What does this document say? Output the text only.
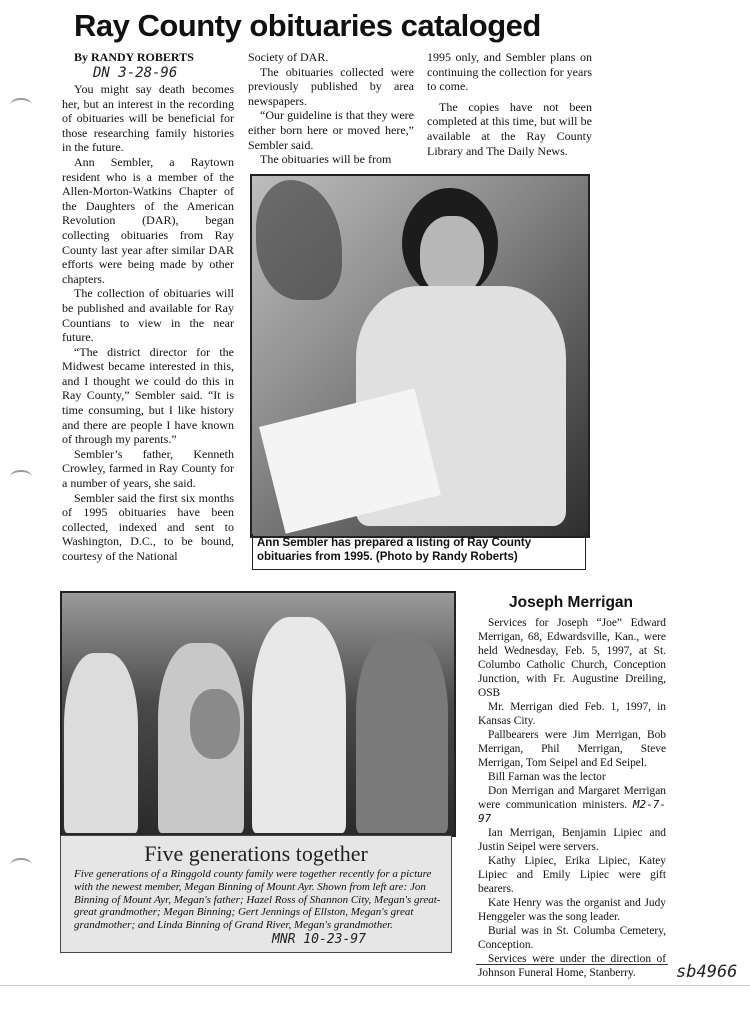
Ray County obituaries cataloged
By RANDY ROBERTS
DN 3-28-96

You might say death becomes her, but an interest in the recording of obituaries will be beneficial for those researching family histories in the future.

Ann Sembler, a Raytown resident who is a member of the Allen-Morton-Watkins Chapter of the Daughters of the American Revolution (DAR), began collecting obituaries from Ray County last year after similar DAR efforts were being made by other chapters.

The collection of obituaries will be published and available for Ray Countians to view in the near future.

“The district director for the Midwest became interested in this, and I thought we could do this in Ray County,” Sembler said. “It is time consuming, but I like history and there are people I have known of through my parents.”

Sembler’s father, Kenneth Crowley, farmed in Ray County for a number of years, she said.

Sembler said the first six months of 1995 obituaries have been collected, indexed and sent to Washington, D.C., to be bound, courtesy of the National

Society of DAR.

The obituaries collected were previously published by area newspapers.

“Our guideline is that they were either born here or moved here,” Sembler said.

The obituaries will be from

1995 only, and Sembler plans on continuing the collection for years to come.

The copies have not been completed at this time, but will be available at the Ray County Library and The Daily News.

Ann Sembler has prepared a listing of Ray County obituaries from 1995. (Photo by Randy Roberts)
Five generations together
Five generations of a Ringgold county family were together recently for a picture with the newest member, Megan Binning of Mount Ayr. Shown from left are: Jon Binning of Mount Ayr, Megan's father; Hazel Ross of Shannon City, Megan's great-great grandmother; Megan Binning; Gert Jennings of Ellston, Megan's great grandmother; and Linda Binning of Grand River, Megan's grandmother.
MNR 10-23-97
Joseph Merrigan

Services for Joseph “Joe” Edward Merrigan, 68, Edwardsville, Kan., were held Wednesday, Feb. 5, 1997, at St. Columbo Catholic Church, Conception Junction, with Fr. Augustine Dreiling, OSB

Mr. Merrigan died Feb. 1, 1997, in Kansas City.

Pallbearers were Jim Merrigan, Bob Merrigan, Phil Merrigan, Steve Merrigan, Tom Seipel and Ed Seipel.

Bill Farnan was the lector

Don Merrigan and Margaret Merrigan were communication ministers. M2-7-97

Ian Merrigan, Benjamin Lipiec and Justin Seipel were servers.

Kathy Lipiec, Erika Lipiec, Katey Lipiec and Emily Lipiec were gift bearers.

Kate Henry was the organist and Judy Henggeler was the song leader.

Burial was in St. Columba Cemetery, Conception.

Services were under the direction of Johnson Funeral Home, Stanberry.	sb4966
